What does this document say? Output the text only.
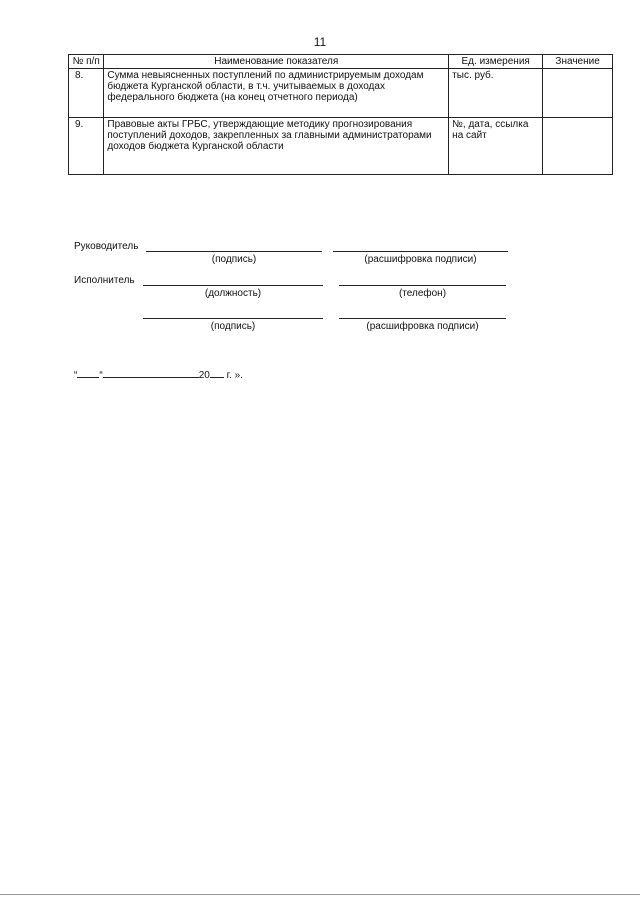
11
№ п/п	Наименование показателя	Ед. измерения	Значение
8.	Сумма невыясненных поступлений по администрируемым доходам бюджета Курганской области, в т.ч. учитываемых в доходах федерального бюджета (на конец отчетного периода)	тыс. руб.	
9.	Правовые акты ГРБС, утверждающие методику прогнозирования поступлений доходов, закрепленных за главными администраторами доходов бюджета Курганской области	№, дата, ссылка на сайт	
Руководитель
(подпись)	(расшифровка подписи)
Исполнитель
(должность)	(телефон)
(подпись)	(расшифровка подписи)
“ “	20 г. ».
